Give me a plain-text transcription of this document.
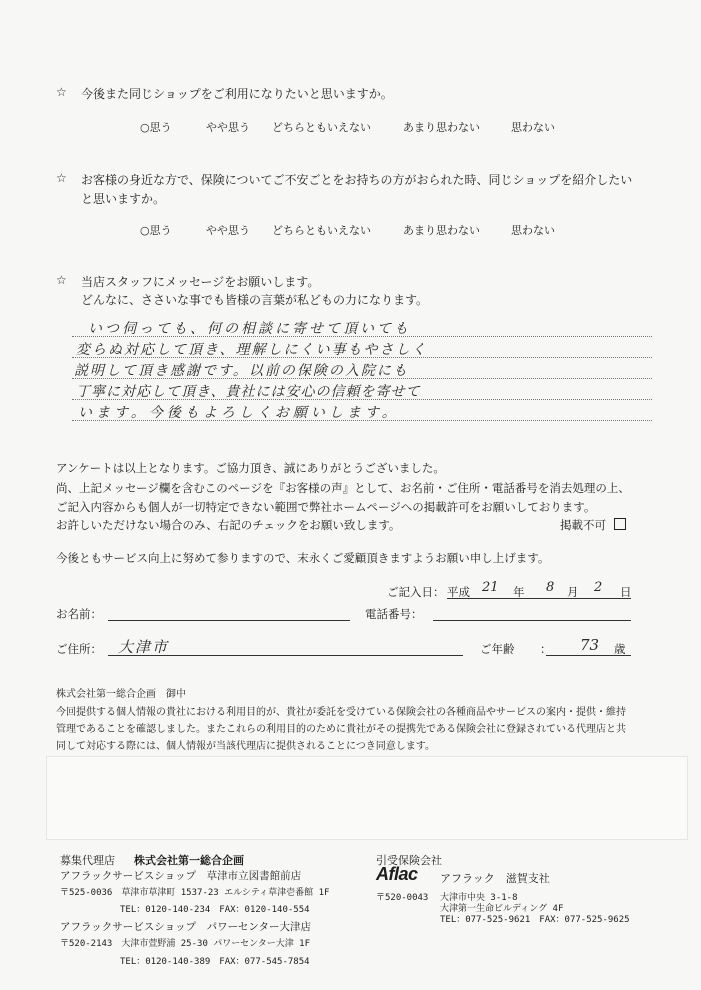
☆ 今後また同じショップをご利用になりたいと思いますか。
○思う	やや思う どちらともいえない	あまり思わない	思わない
☆ お客様の身近な方で、保険についてご不安ごとをお持ちの方がおられた時、同じショップを紹介したい
と思いますか。
○思う	やや思う どちらともいえない	あまり思わない	思わない
☆ 当店スタッフにメッセージをお願いします。
どんなに、ささいな事でも皆様の言葉が私どもの力になります。
いつ伺っても、何の相談に寄せて頂いても
変らぬ対応して頂き、理解しにくい事もやさしく
説明して頂き感謝です。以前の保険の入院にも
丁寧に対応して頂き、貴社には安心の信頼を寄せて
います。今後もよろしくお願いします。
アンケートは以上となります。ご協力頂き、誠にありがとうございました。
尚、上記メッセージ欄を含むこのページを『お客様の声』として、お名前・ご住所・電話番号を消去処理の上、
ご記入内容からも個人が一切特定できない範囲で弊社ホームページへの掲載許可をお願いしております。
お許しいただけない場合のみ、右記のチェックをお願い致します。	掲載不可
今後ともサービス向上に努めて参りますので、末永くご愛顧頂きますようお願い申し上げます。
ご記入日： 平成 21 年 8 月 2 日
お名前：	電話番号：
ご住所： 大津市	ご年齢 ： 73 歳
株式会社第一総合企画　御中
今回提供する個人情報の貴社における利用目的が、貴社が委託を受けている保険会社の各種商品やサービスの案内・提供・維持
管理であることを確認しました。またこれらの利用目的のために貴社がその提携先である保険会社に登録されている代理店と共
同して対応する際には、個人情報が当該代理店に提供されることにつき同意します。
募集代理店 株式会社第一総合企画
アフラックサービスショップ　草津市立図書館前店
〒525-0036　草津市草津町 1537-23 エルシティ草津壱番館 1F
TEL：0120-140-234　FAX：0120-140-554
アフラックサービスショップ　パワーセンター大津店
〒520-2143　大津市萱野浦 25-30 パワーセンター大津 1F
TEL：0120-140-389　FAX：077-545-7854
引受保険会社
Aflac アフラック　滋賀支社
〒520-0043 大津市中央 3-1-8
大津第一生命ビルディング 4F
TEL：077-525-9621　FAX：077-525-9625
